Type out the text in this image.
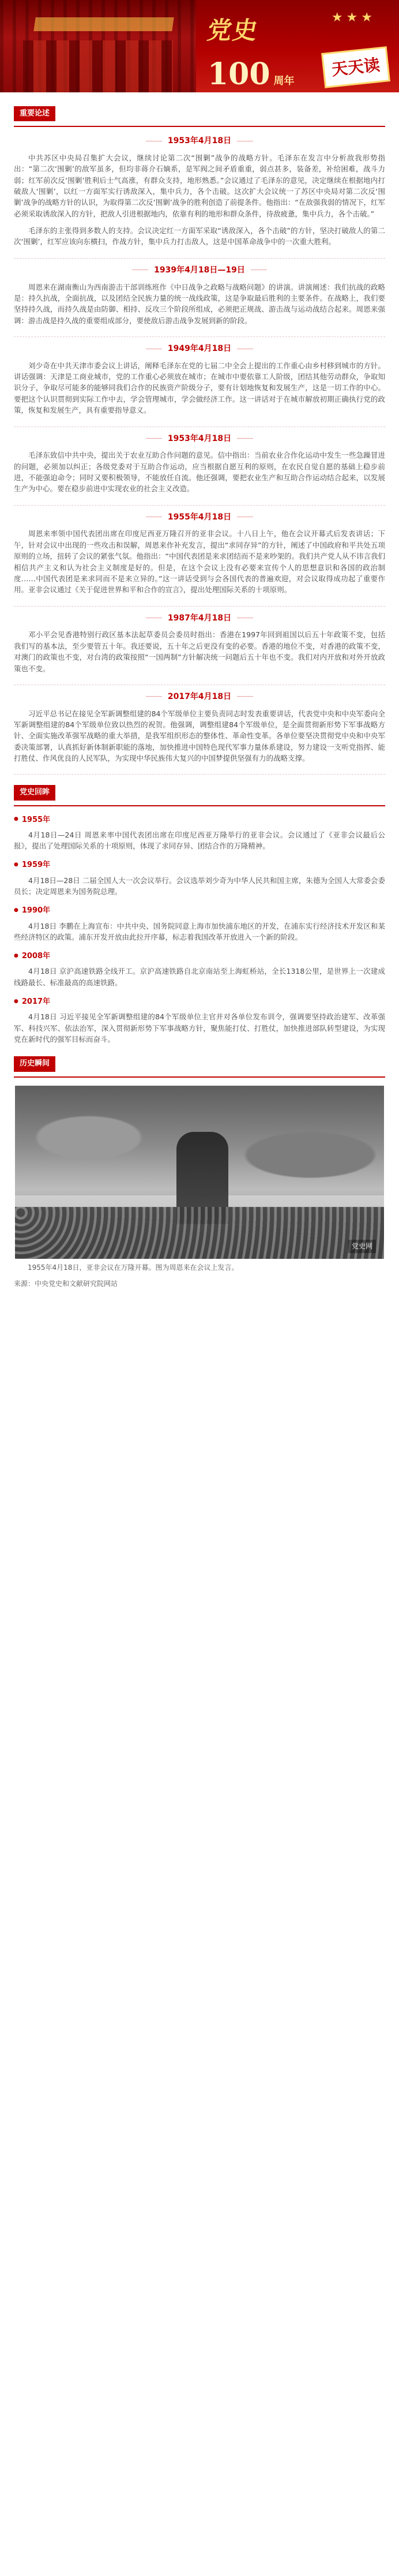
★★★
党史
100 周年
天天读
重要论述
1953年4月18日

中共苏区中央局召集扩大会议，继续讨论第二次“围剿”战争的战略方针。毛泽东在发言中分析敌我形势指出：“第二次‘围剿’的敌军虽多，但均非蒋介石嫡系，是军阀之间矛盾重重，弱点甚多，装备差，补给困难，战斗力弱；红军前次反‘围剿’胜利后士气高涨，有群众支持，地形熟悉。”会议通过了毛泽东的意见，决定继续在根据地内打破敌人‘围剿’，以红一方面军实行诱敌深入，集中兵力，各个击破。这次扩大会议统一了苏区中央局对第二次反‘围剿’战争的战略方针的认识，为取得第二次反‘围剿’战争的胜利创造了前提条件。他指出：“在敌强我弱的情况下，红军必须采取诱敌深入的方针，把敌人引进根据地内，依靠有利的地形和群众条件，待敌疲惫，集中兵力，各个击破。”

毛泽东的主张得到多数人的支持。会议决定红一方面军采取“诱敌深入，各个击破”的方针，坚决打破敌人的第二次‘围剿’，红军应该向东横扫，作战方针，集中兵力打击敌人，这是中国革命战争中的一次重大胜利。

1939年4月18日—19日

周恩来在湖南衡山为西南游击干部训练班作《中日战争之政略与战略问题》的讲演。讲演阐述：我们抗战的政略是：持久抗战，全面抗战，以及团结全民族力量的统一战线政策，这是争取最后胜利的主要条件。在战略上，我们要坚持持久战，而持久战是由防御、相持、反攻三个阶段所组成，必须把正规战、游击战与运动战结合起来。周恩来强调：游击战是持久战的重要组成部分，要使敌后游击战争发展到新的阶段。

1949年4月18日

刘少奇在中共天津市委会议上讲话，阐释毛泽东在党的七届二中全会上提出的工作重心由乡村移到城市的方针。讲话强调：天津是工商业城市，党的工作重心必须放在城市；在城市中要依靠工人阶级，团结其他劳动群众，争取知识分子，争取尽可能多的能够同我们合作的民族资产阶级分子，要有计划地恢复和发展生产，这是一切工作的中心。要把这个认识贯彻到实际工作中去，学会管理城市，学会做经济工作。这一讲话对于在城市解放初期正确执行党的政策，恢复和发展生产，具有重要指导意义。

1953年4月18日

毛泽东致信中共中央，提出关于农业互助合作问题的意见。信中指出：当前农业合作化运动中发生一些急躁冒进的问题，必须加以纠正；各级党委对于互助合作运动，应当根据自愿互利的原则，在农民自觉自愿的基础上稳步前进，不能强迫命令；同时又要积极领导，不能放任自流。他还强调，要把农业生产和互助合作运动结合起来，以发展生产为中心。要在稳步前进中实现农业的社会主义改造。

1955年4月18日

周恩来率领中国代表团出席在印度尼西亚万隆召开的亚非会议。十八日上午，他在会议开幕式后发表讲话；下午，针对会议中出现的一些攻击和误解，周恩来作补充发言，提出“求同存异”的方针，阐述了中国政府和平共处五项原则的立场，扭转了会议的紧张气氛。他指出：“中国代表团是来求团结而不是来吵架的。我们共产党人从不讳言我们相信共产主义和认为社会主义制度是好的。但是，在这个会议上没有必要来宣传个人的思想意识和各国的政治制度……中国代表团是来求同而不是来立异的。”这一讲话受到与会各国代表的普遍欢迎，对会议取得成功起了重要作用。亚非会议通过《关于促进世界和平和合作的宣言》，提出处理国际关系的十项原则。

1987年4月18日

邓小平会见香港特别行政区基本法起草委员会委员时指出：香港在1997年回到祖国以后五十年政策不变，包括我们写的基本法，至少要管五十年。我还要说，五十年之后更没有变的必要。香港的地位不变，对香港的政策不变，对澳门的政策也不变，对台湾的政策按照“一国两制”方针解决统一问题后五十年也不变。我们对内开放和对外开放政策也不变。

2017年4月18日

习近平总书记在接见全军新调整组建的84个军级单位主要负责同志时发表重要讲话，代表党中央和中央军委向全军新调整组建的84个军级单位致以热烈的祝贺。他强调，调整组建84个军级单位，是全面贯彻新形势下军事战略方针、全面实施改革强军战略的重大举措，是我军组织形态的整体性、革命性变革。各单位要坚决贯彻党中央和中央军委决策部署，认真抓好新体制新职能的落地，加快推进中国特色现代军事力量体系建设，努力建设一支听党指挥、能打胜仗、作风优良的人民军队，为实现中华民族伟大复兴的中国梦提供坚强有力的战略支撑。

党史回眸
● 1955年

4月18日—24日 周恩来率中国代表团出席在印度尼西亚万隆举行的亚非会议。会议通过了《亚非会议最后公报》，提出了处理国际关系的十项原则，体现了求同存异、团结合作的万隆精神。

● 1959年

4月18日—28日 二届全国人大一次会议举行。会议选举刘少奇为中华人民共和国主席，朱德为全国人大常委会委员长；决定周恩来为国务院总理。

● 1990年

4月18日 李鹏在上海宣布：中共中央、国务院同意上海市加快浦东地区的开发，在浦东实行经济技术开发区和某些经济特区的政策。浦东开发开放由此拉开序幕，标志着我国改革开放进入一个新的阶段。

● 2008年

4月18日 京沪高速铁路全线开工。京沪高速铁路自北京南站至上海虹桥站，全长1318公里，是世界上一次建成线路最长、标准最高的高速铁路。

● 2017年

4月18日 习近平接见全军新调整组建的84个军级单位主官并对各单位发布训令，强调要坚持政治建军、改革强军、科技兴军、依法治军，深入贯彻新形势下军事战略方针，聚焦能打仗、打胜仗，加快推进部队转型建设，为实现党在新时代的强军目标而奋斗。

历史瞬间
党史网
1955年4月18日，亚非会议在万隆开幕。图为周恩来在会议上发言。
来源：中央党史和文献研究院网站
